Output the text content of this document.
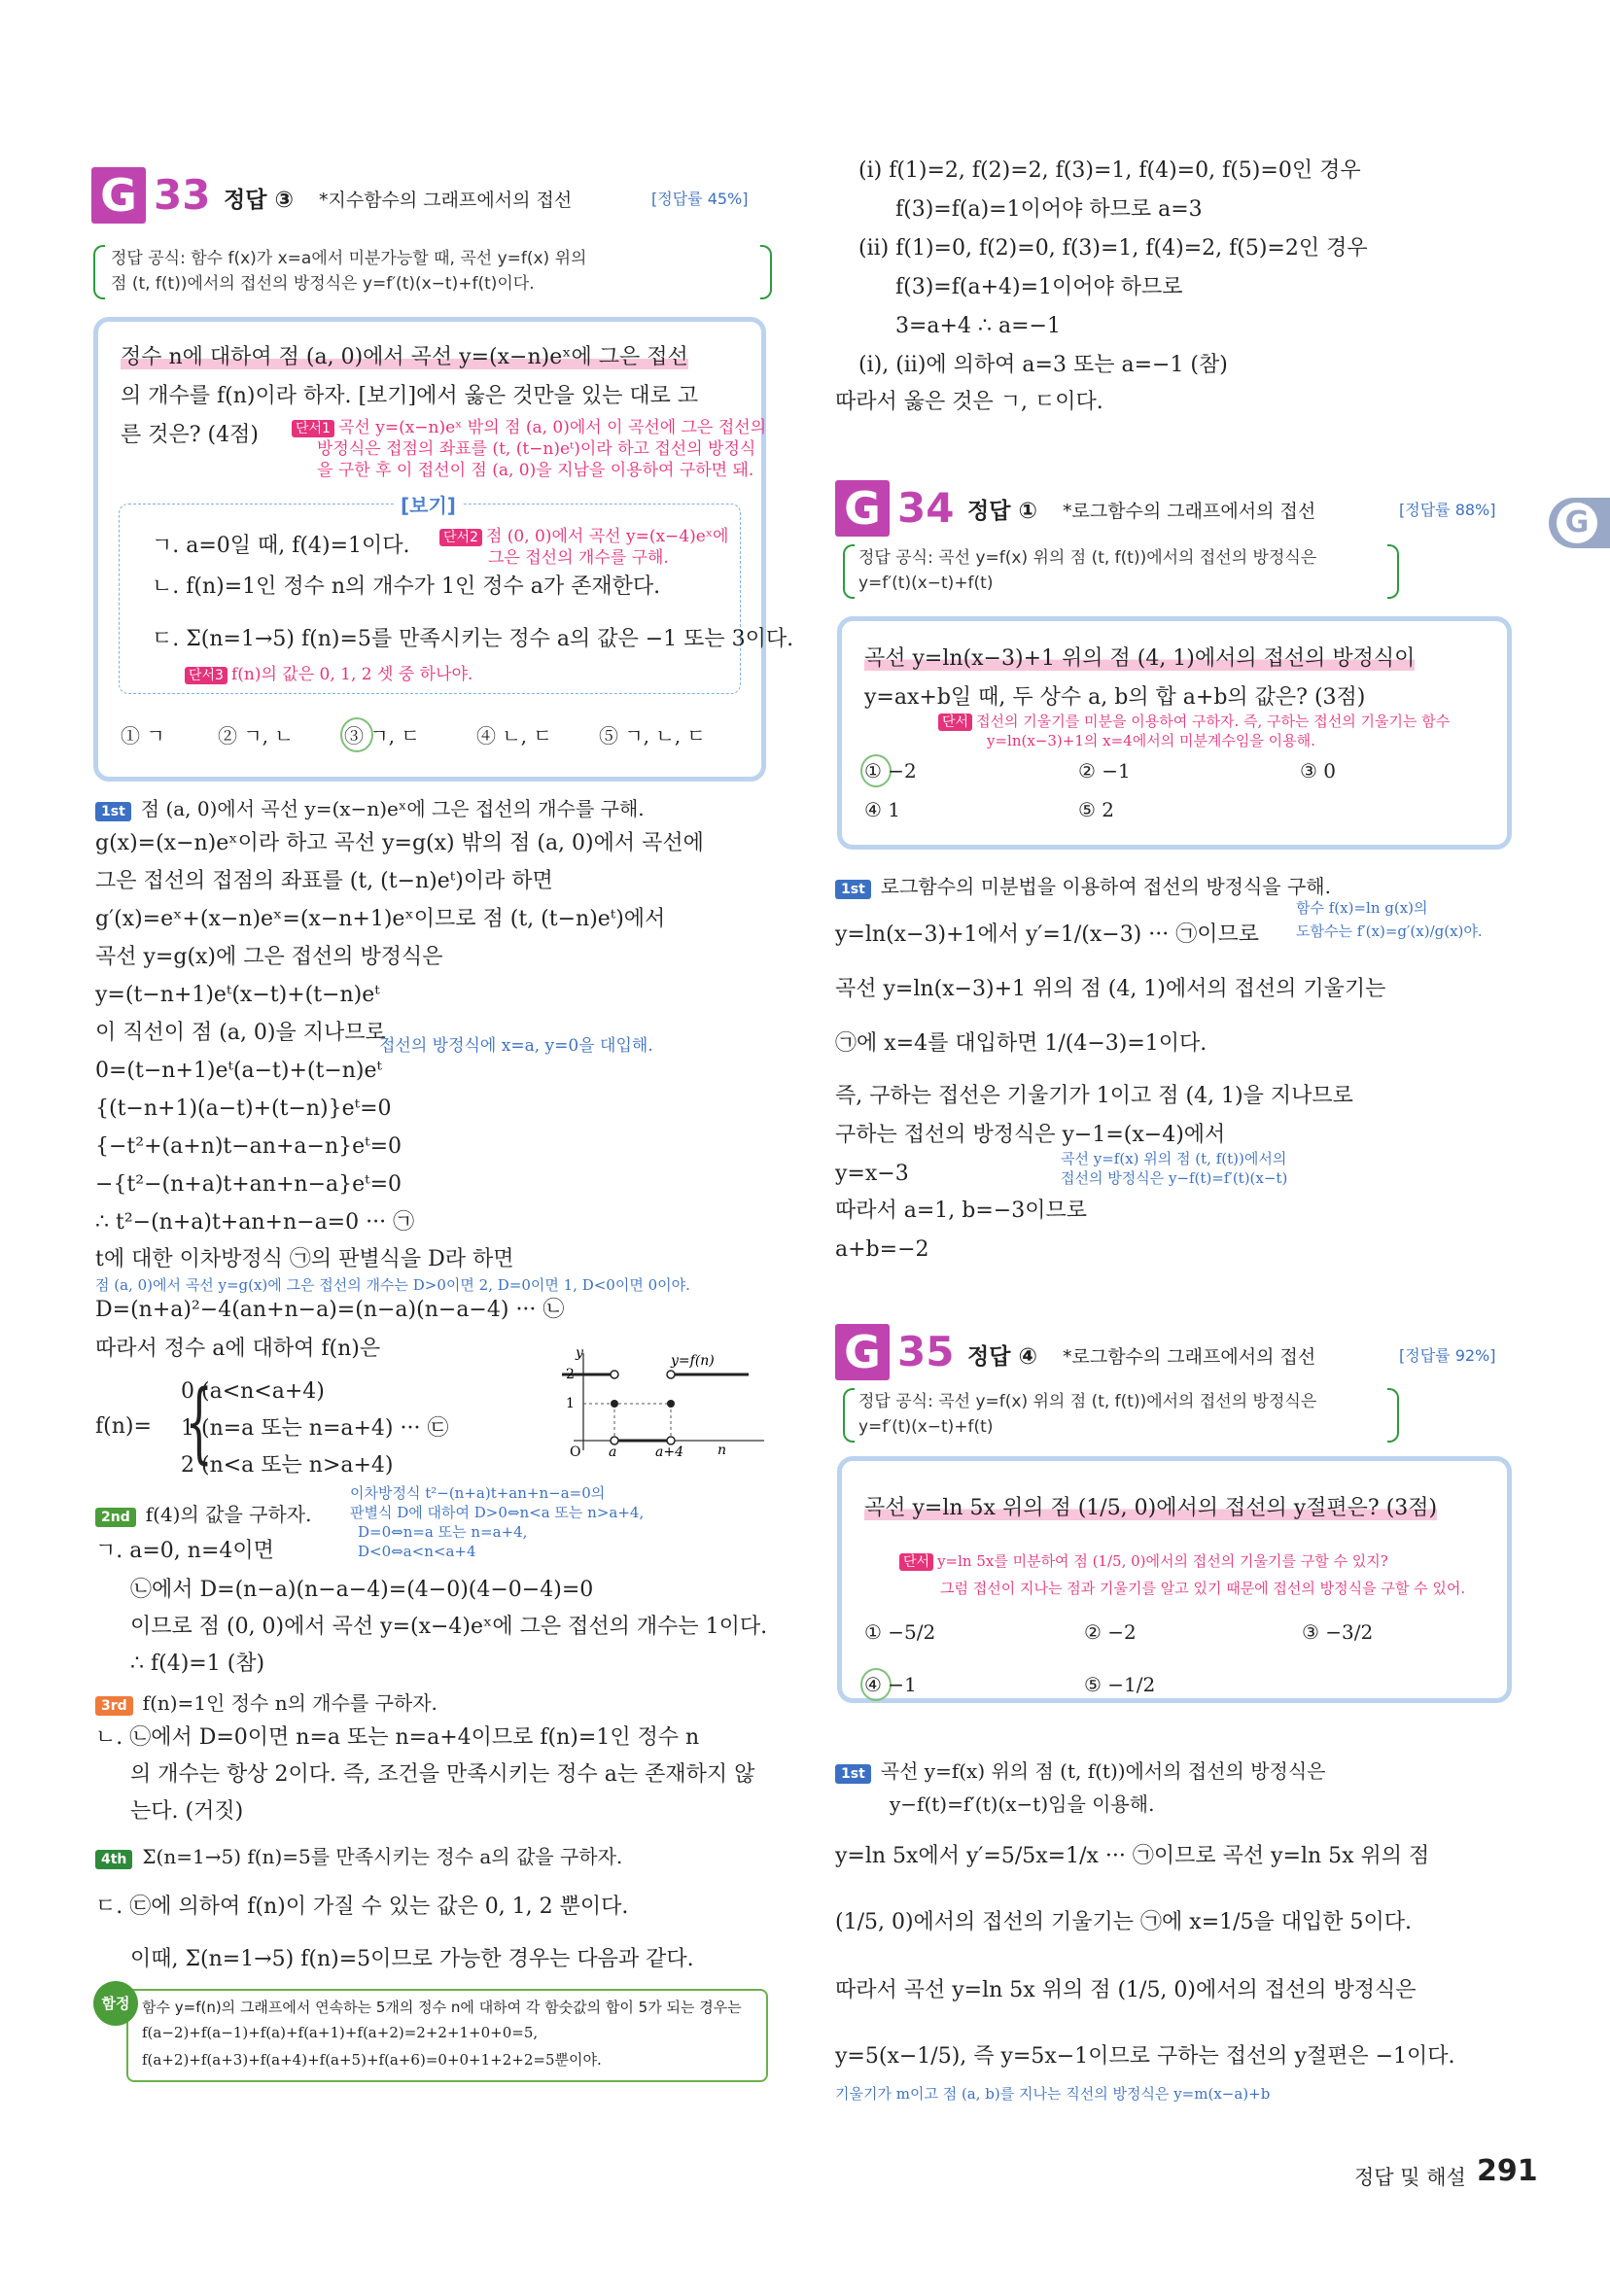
G
G 33 정답 ③ *지수함수의 그래프에서의 접선	[정답률 45%]
정답 공식: 함수 f(x)가 x=a에서 미분가능할 때, 곡선 y=f(x) 위의
점 (t, f(t))에서의 접선의 방정식은 y=f′(t)(x−t)+f(t)이다.
정수 n에 대하여 점 (a, 0)에서 곡선 y=(x−n)eˣ에 그은 접선
의 개수를 f(n)이라 하자. [보기]에서 옳은 것만을 있는 대로 고
른 것은? (4점)	단서1 곡선 y=(x−n)eˣ 밖의 점 (a, 0)에서 이 곡선에 그은 접선의
방정식은 접점의 좌표를 (t, (t−n)eᵗ)이라 하고 접선의 방정식
을 구한 후 이 접선이 점 (a, 0)을 지남을 이용하여 구하면 돼.
[보기]
ㄱ. a=0일 때, f(4)=1이다. 단서2 점 (0, 0)에서 곡선 y=(x−4)eˣ에
그은 접선의 개수를 구해.
ㄴ. f(n)=1인 정수 n의 개수가 1인 정수 a가 존재한다.
ㄷ. Σ(n=1→5) f(n)=5를 만족시키는 정수 a의 값은 −1 또는 3이다.
단서3 f(n)의 값은 0, 1, 2 셋 중 하나야.
① ㄱ	② ㄱ, ㄴ	③ ㄱ, ㄷ	④ ㄴ, ㄷ ⑤ ㄱ, ㄴ, ㄷ
1st 점 (a, 0)에서 곡선 y=(x−n)eˣ에 그은 접선의 개수를 구해.
g(x)=(x−n)eˣ이라 하고 곡선 y=g(x) 밖의 점 (a, 0)에서 곡선에
그은 접선의 접점의 좌표를 (t, (t−n)eᵗ)이라 하면
g′(x)=eˣ+(x−n)eˣ=(x−n+1)eˣ이므로 점 (t, (t−n)eᵗ)에서
곡선 y=g(x)에 그은 접선의 방정식은
y=(t−n+1)eᵗ(x−t)+(t−n)eᵗ
이 직선이 점 (a, 0)을 지나므로
접선의 방정식에 x=a, y=0을 대입해.
0=(t−n+1)eᵗ(a−t)+(t−n)eᵗ
{(t−n+1)(a−t)+(t−n)}eᵗ=0
{−t²+(a+n)t−an+a−n}eᵗ=0
−{t²−(n+a)t+an+n−a}eᵗ=0
∴ t²−(n+a)t+an+n−a=0 ··· ㉠
t에 대한 이차방정식 ㉠의 판별식을 D라 하면
점 (a, 0)에서 곡선 y=g(x)에 그은 접선의 개수는 D>0이면 2, D=0이면 1, D<0이면 0이야.
D=(n+a)²−4(an+n−a)=(n−a)(n−a−4) ··· ㉡
따라서 정수 a에 대하여 f(n)은
f(n)= {
0 (a<n<a+4)
1 (n=a 또는 n=a+4) ··· ㉢
2 (n<a 또는 n>a+4)
y	y=f(n)
1
2
O a	a+4	n
이차방정식 t²−(n+a)t+an+n−a=0의
판별식 D에 대하여 D>0⇔n<a 또는 n>a+4,
D=0⇔n=a 또는 n=a+4,
D<0⇔a<n<a+4
2nd f(4)의 값을 구하자.
ㄱ. a=0, n=4이면
㉡에서 D=(n−a)(n−a−4)=(4−0)(4−0−4)=0
이므로 점 (0, 0)에서 곡선 y=(x−4)eˣ에 그은 접선의 개수는 1이다.
∴ f(4)=1 (참)
3rd f(n)=1인 정수 n의 개수를 구하자.
ㄴ. ㉡에서 D=0이면 n=a 또는 n=a+4이므로 f(n)=1인 정수 n
의 개수는 항상 2이다. 즉, 조건을 만족시키는 정수 a는 존재하지 않
는다. (거짓)
4th Σ(n=1→5) f(n)=5를 만족시키는 정수 a의 값을 구하자.
ㄷ. ㉢에 의하여 f(n)이 가질 수 있는 값은 0, 1, 2 뿐이다.
이때, Σ(n=1→5) f(n)=5이므로 가능한 경우는 다음과 같다.
함정 함수 y=f(n)의 그래프에서 연속하는 5개의 정수 n에 대하여 각 함숫값의 합이 5가 되는 경우는
f(a−2)+f(a−1)+f(a)+f(a+1)+f(a+2)=2+2+1+0+0=5,
f(a+2)+f(a+3)+f(a+4)+f(a+5)+f(a+6)=0+0+1+2+2=5뿐이야.
(i) f(1)=2, f(2)=2, f(3)=1, f(4)=0, f(5)=0인 경우
f(3)=f(a)=1이어야 하므로 a=3
(ii) f(1)=0, f(2)=0, f(3)=1, f(4)=2, f(5)=2인 경우
f(3)=f(a+4)=1이어야 하므로
3=a+4 ∴ a=−1
(i), (ii)에 의하여 a=3 또는 a=−1 (참)
따라서 옳은 것은 ㄱ, ㄷ이다.
G 34 정답 ① *로그함수의 그래프에서의 접선	[정답률 88%]
정답 공식: 곡선 y=f(x) 위의 점 (t, f(t))에서의 접선의 방정식은
y=f′(t)(x−t)+f(t)
곡선 y=ln(x−3)+1 위의 점 (4, 1)에서의 접선의 방정식이
y=ax+b일 때, 두 상수 a, b의 합 a+b의 값은? (3점)
단서 접선의 기울기를 미분을 이용하여 구하자. 즉, 구하는 접선의 기울기는 함수
y=ln(x−3)+1의 x=4에서의 미분계수임을 이용해.
① −2	② −1	③ 0
④ 1	⑤ 2
1st 로그함수의 미분법을 이용하여 접선의 방정식을 구해.
함수 f(x)=ln g(x)의
도함수는 f′(x)=g′(x)/g(x)야.
y=ln(x−3)+1에서 y′=1/(x−3) ··· ㉠이므로
곡선 y=ln(x−3)+1 위의 점 (4, 1)에서의 접선의 기울기는
㉠에 x=4를 대입하면 1/(4−3)=1이다.
즉, 구하는 접선은 기울기가 1이고 점 (4, 1)을 지나므로
구하는 접선의 방정식은 y−1=(x−4)에서
곡선 y=f(x) 위의 점 (t, f(t))에서의
접선의 방정식은 y−f(t)=f′(t)(x−t)
y=x−3
따라서 a=1, b=−3이므로
a+b=−2
G 35 정답 ④ *로그함수의 그래프에서의 접선	[정답률 92%]
정답 공식: 곡선 y=f(x) 위의 점 (t, f(t))에서의 접선의 방정식은
y=f′(t)(x−t)+f(t)
곡선 y=ln 5x 위의 점 (1/5, 0)에서의 접선의 y절편은? (3점)
단서 y=ln 5x를 미분하여 점 (1/5, 0)에서의 접선의 기울기를 구할 수 있지?
그럼 접선이 지나는 점과 기울기를 알고 있기 때문에 접선의 방정식을 구할 수 있어.
① −5/2	② −2	③ −3/2
④ −1	⑤ −1/2
1st 곡선 y=f(x) 위의 점 (t, f(t))에서의 접선의 방정식은
y−f(t)=f′(t)(x−t)임을 이용해.
y=ln 5x에서 y′=5/5x=1/x ··· ㉠이므로 곡선 y=ln 5x 위의 점
(1/5, 0)에서의 접선의 기울기는 ㉠에 x=1/5을 대입한 5이다.
따라서 곡선 y=ln 5x 위의 점 (1/5, 0)에서의 접선의 방정식은
y=5(x−1/5), 즉 y=5x−1이므로 구하는 접선의 y절편은 −1이다.
기울기가 m이고 점 (a, b)를 지나는 직선의 방정식은 y=m(x−a)+b
정답 및 해설 291
